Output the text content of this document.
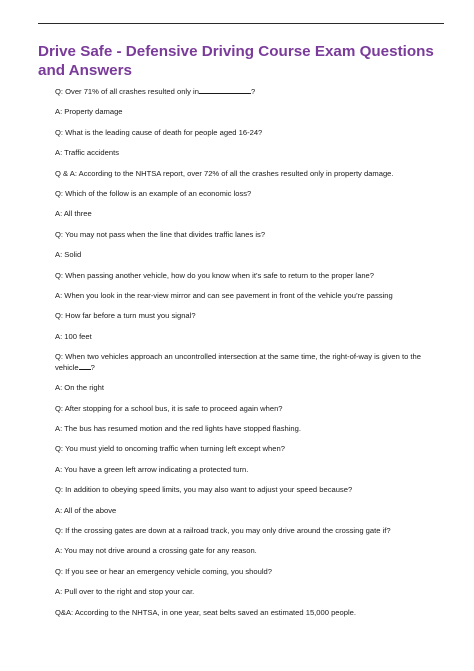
Drive Safe - Defensive Driving Course Exam Questions and Answers
Q: Over 71% of all crashes resulted only in	?
A: Property damage
Q: What is the leading cause of death for people aged 16-24?
A: Traffic accidents
Q & A: According to the NHTSA report, over 72% of all the crashes resulted only in property damage.
Q: Which of the follow is an example of an economic loss?
A: All three
Q: You may not pass when the line that divides traffic lanes is?
A: Solid
Q: When passing another vehicle, how do you know when it’s safe to return to the proper lane?
A: When you look in the rear-view mirror and can see pavement in front of the vehicle you’re passing
Q: How far before a turn must you signal?
A: 100 feet
Q: When two vehicles approach an uncontrolled intersection at the same time, the right-of-way is given to the vehicle ?
A: On the right
Q: After stopping for a school bus, it is safe to proceed again when?
A: The bus has resumed motion and the red lights have stopped flashing.
Q: You must yield to oncoming traffic when turning left except when?
A: You have a green left arrow indicating a protected turn.
Q: In addition to obeying speed limits, you may also want to adjust your speed because?
A: All of the above
Q: If the crossing gates are down at a railroad track, you may only drive around the crossing gate if?
A: You may not drive around a crossing gate for any reason.
Q: If you see or hear an emergency vehicle coming, you should?
A: Pull over to the right and stop your car.
Q&A: According to the NHTSA, in one year, seat belts saved an estimated 15,000 people.
